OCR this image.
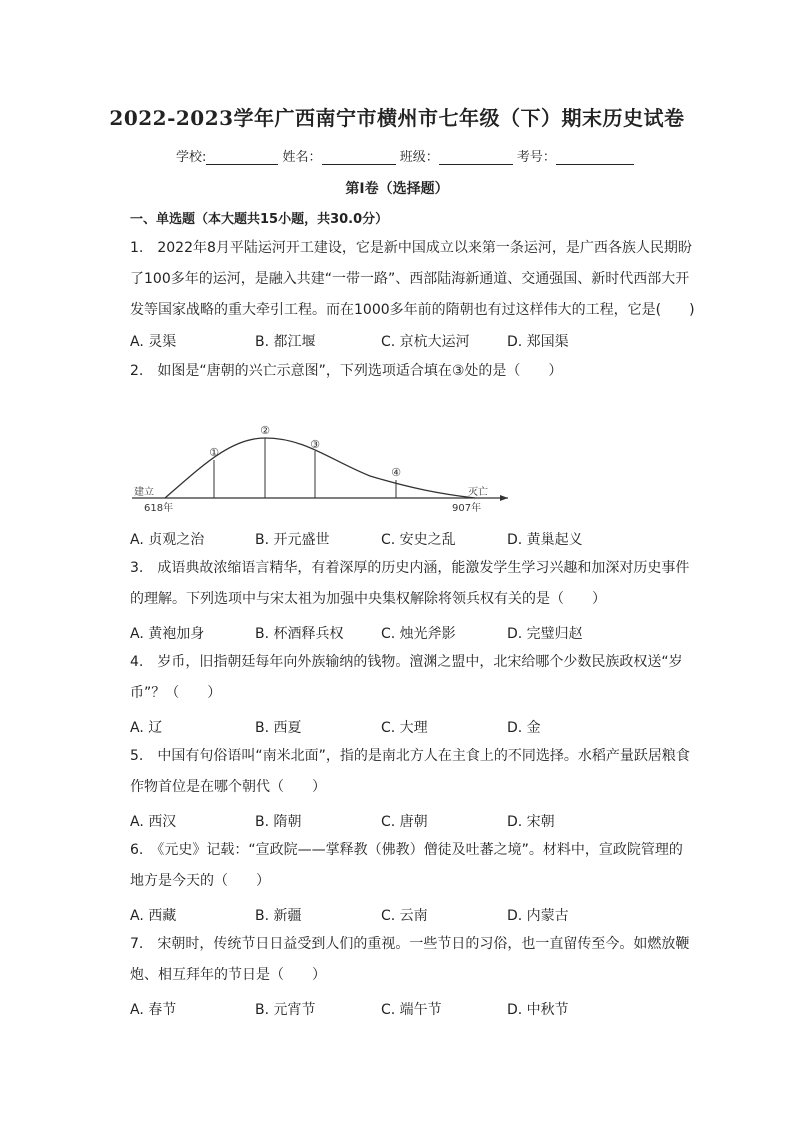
2022-2023学年广西南宁市横州市七年级（下）期末历史试卷
学校:	姓名：	班级：	考号：
第Ⅰ卷（选择题）
一、单选题（本大题共15小题，共30.0分）

1.　2022年8月平陆运河开工建设，它是新中国成立以来第一条运河，是广西各族人民期盼了100多年的运河，是融入共建“一带一路”、西部陆海新通道、交通强国、新时代西部大开发等国家战略的重大牵引工程。而在1000多年前的隋朝也有过这样伟大的工程，它是(　　)

A. 灵渠	B. 都江堰	C. 京杭大运河	D. 郑国渠

2.　如图是“唐朝的兴亡示意图”，下列选项适合填在③处的是（　　）

①
②
③
④
建立
618年
灭亡
907年
A. 贞观之治	B. 开元盛世	C. 安史之乱	D. 黄巢起义

3.　成语典故浓缩语言精华，有着深厚的历史内涵，能激发学生学习兴趣和加深对历史事件的理解。下列选项中与宋太祖为加强中央集权解除将领兵权有关的是（　　）

A. 黄袍加身	B. 杯酒释兵权	C. 烛光斧影	D. 完璧归赵

4.　岁币，旧指朝廷每年向外族输纳的钱物。澶渊之盟中，北宋给哪个少数民族政权送“岁币”？（　　）

A. 辽	B. 西夏	C. 大理	D. 金

5.　中国有句俗语叫“南米北面”，指的是南北方人在主食上的不同选择。水稻产量跃居粮食作物首位是在哪个朝代（　　）

A. 西汉	B. 隋朝	C. 唐朝	D. 宋朝

6.　《元史》记载：“宣政院——掌释教（佛教）僧徒及吐蕃之境”。材料中，宣政院管理的地方是今天的（　　）

A. 西藏	B. 新疆	C. 云南	D. 内蒙古

7.　宋朝时，传统节日日益受到人们的重视。一些节日的习俗，也一直留传至今。如燃放鞭炮、相互拜年的节日是（　　）

A. 春节	B. 元宵节	C. 端午节	D. 中秋节
